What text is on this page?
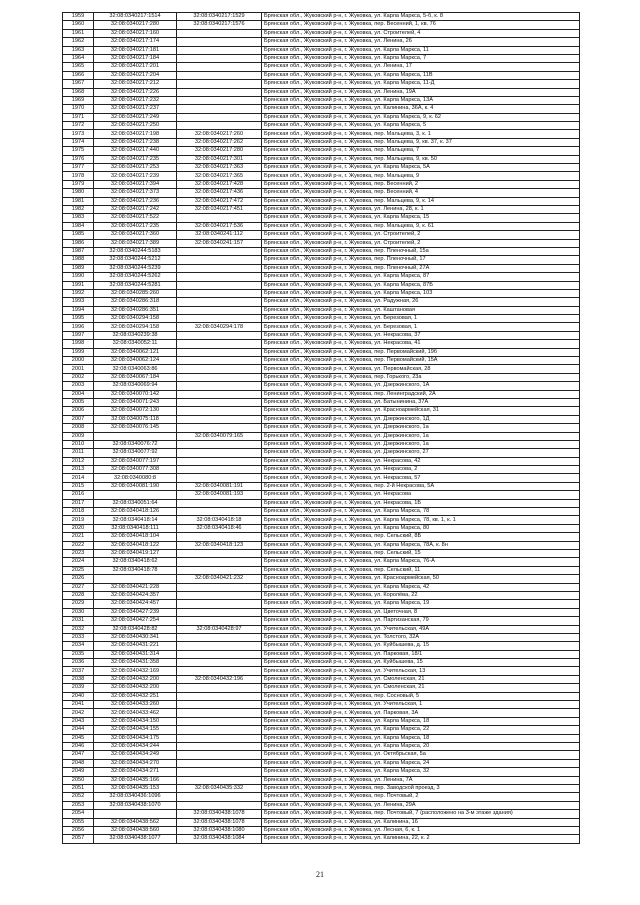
1959	32:08:0340217:1514	32:08:0340217:1529	Брянская обл., Жуковский р-н, г. Жуковка, ул. Карла Маркса, 5-б, к. 8
1960	32:08:0340217:280	32:08:0340217:1576	Брянская обл., Жуковский р-н, г. Жуковка, пер. Весенний, 1, кв. 76
1961	32:08:0340217:160		Брянская обл., Жуковский р-н, г. Жуковка, ул. Строителей, 4
1962	32:08:0340217:174		Брянская обл., Жуковский р-н, г. Жуковка, ул. Ленина, 26
1963	32:08:0340217:181		Брянская обл., Жуковский р-н, г. Жуковка, ул. Карла Маркса, 11
1964	32:08:0340217:184		Брянская обл., Жуковский р-н, г. Жуковка, ул. Карла Маркса, 7
1965	32:08:0340217:201		Брянская обл., Жуковский р-н, г. Жуковка, ул. Ленина, 17
1966	32:08:0340217:204		Брянская обл., Жуковский р-н, г. Жуковка, ул. Карла Маркса, 11В
1967	32:08:0340217:212		Брянская обл., Жуковский р-н, г. Жуковка, ул. Карла Маркса, 11-Д
1968	32:08:0340217:226		Брянская обл., Жуковский р-н, г. Жуковка, ул. Ленина, 19А
1969	32:08:0340217:232		Брянская обл., Жуковский р-н, г. Жуковка, ул. Карла Маркса, 13А
1970	32:08:0340217:237		Брянская обл., Жуковский р-н, г. Жуковка, ул. Калинина, 36А, к. 4
1971	32:08:0340217:249		Брянская обл., Жуковский р-н, г. Жуковка, ул. Карла Маркса, 9, к. 62
1972	32:08:0340217:250		Брянская обл., Жуковский р-н, г. Жуковка, ул. Карла Маркса, 5
1973	32:08:0340217:198	32:08:0340217:260	Брянская обл., Жуковский р-н, г. Жуковка, пер. Мальцева, 3, к. 1
1974	32:08:0340217:238	32:08:0340217:262	Брянская обл., Жуковский р-н, г. Жуковка, пер. Мальцева, 9, кв. 37, к. 37
1975	32:08:0340217:440	32:08:0340217:280	Брянская обл., Жуковский р-н, г. Жуковка, пер. Мальцева, 7
1976	32:08:0340217:235	32:08:0340217:301	Брянская обл., Жуковский р-н, г. Жуковка, пер. Мальцева, 9, кв. 50
1977	32:08:0340217:253	32:08:0340217:363	Брянская обл., Жуковский р-н, г. Жуковка, ул. Карла Маркса, 5А
1978	32:08:0340217:239	32:08:0340217:365	Брянская обл., Жуковский р-н, г. Жуковка, пер. Мальцева, 9
1979	32:08:0340217:394	32:08:0340217:428	Брянская обл., Жуковский р-н, г. Жуковка, пер. Весенний, 2
1980	32:08:0340217:373	32:08:0340217:436	Брянская обл., Жуковский р-н, г. Жуковка, пер. Весенний, 4
1981	32:08:0340217:236	32:08:0340217:472	Брянская обл., Жуковский р-н, г. Жуковка, пер. Мальцева, 9, к. 14
1982	32:08:0340217:242	32:08:0340217:451	Брянская обл., Жуковский р-н, г. Жуковка, ул. Ленина, 28, к. 1
1983	32:08:0340217:522		Брянская обл., Жуковский р-н, г. Жуковка, ул. Карла Маркса, 15
1984	32:08:0340217:235	32:08:0340217:536	Брянская обл., Жуковский р-н, г. Жуковка, пер. Мальцева, 9, к. 61
1985	32:08:0340217:360	32:08:0340241:112	Брянская обл., Жуковский р-н, г. Жуковка, ул. Строителей, 2
1986	32:08:0340217:389	32:08:0340241:157	Брянская обл., Жуковский р-н, г. Жуковка, ул. Строителей, 2
1987	32:08:0340244:5183		Брянская обл., Жуковский р-н, г. Жуковка, пер. Пленочный, 15а
1988	32:08:0340244:5212		Брянская обл., Жуковский р-н, г. Жуковка, пер. Пленочный, 17
1989	32:08:0340244:5239		Брянская обл., Жуковский р-н, г. Жуковка, пер. Пленочный, 27А
1990	32:08:0340244:5262		Брянская обл., Жуковский р-н, г. Жуковка, ул. Карла Маркса, 87
1991	32:08:0340244:5281		Брянская обл., Жуковский р-н, г. Жуковка, ул. Карла Маркса, 87Б
1992	32:08:0340285:260		Брянская обл., Жуковский р-н, г. Жуковка, ул. Карла Маркса, 103
1993	32:08:0340286:318		Брянская обл., Жуковский р-н, г. Жуковка, ул. Радужная, 26
1994	32:08:0340286:351		Брянская обл., Жуковский р-н, г. Жуковка, ул. Каштановая
1995	32:08:0340294:158		Брянская обл., Жуковский р-н, г. Жуковка, ул. Березовая, 1
1996	32:08:0340294:158	32:08:0340294:178	Брянская обл., Жуковский р-н, г. Жуковка, ул. Березовая, 1
1997	32:08:0340239:38		Брянская обл., Жуковский р-н, г. Жуковка, ул. Некрасова, 37
1998	32:08:0340052:11		Брянская обл., Жуковский р-н, г. Жуковка, ул. Некрасова, 41
1999	32:08:0340062:121		Брянская обл., Жуковский р-н, г. Жуковка, пер. Первомайский, 19б
2000	32:08:0340062:124		Брянская обл., Жуковский р-н, г. Жуковка, пер. Первомайский, 15А
2001	32:08:0340063:86		Брянская обл., Жуковский р-н, г. Жуковка, ул. Первомайская, 28
2002	32:08:0340067:184		Брянская обл., Жуковский р-н, г. Жуковка, пер. Горького, 23а
2003	32:08:0340069:94		Брянская обл., Жуковский р-н, г. Жуковка, ул. Дзержинского, 1А
2004	32:08:0340070:142		Брянская обл., Жуковский р-н, г. Жуковка, пер. Ленинградский, 2А
2005	32:08:0340071:243		Брянская обл., Жуковский р-н, г. Жуковка, ул. Батынинина, 37А
2006	32:08:0340072:130		Брянская обл., Жуковский р-н, г. Жуковка, ул. Красноармейская, 31
2007	32:08:0340075:118		Брянская обл., Жуковский р-н, г. Жуковка, ул. Дзержинского, 1Д
2008	32:08:0340076:145		Брянская обл., Жуковский р-н, г. Жуковка, ул. Дзержинского, 1а
2009		32:08:0340079:165	Брянская обл., Жуковский р-н, г. Жуковка, ул. Дзержинского, 1а
2010	32:08:0340076:72		Брянская обл., Жуковский р-н, г. Жуковка, ул. Дзержинского, 1а
2011	32:08:0340077:92		Брянская обл., Жуковский р-н, г. Жуковка, ул. Дзержинского, 27
2012	32:08:0340077:197		Брянская обл., Жуковский р-н, г. Жуковка, ул. Некрасова, 42
2013	32:08:0340077:308		Брянская обл., Жуковский р-н, г. Жуковка, ул. Некрасова, 2
2014	32:08:0340080:8		Брянская обл., Жуковский р-н, г. Жуковка, ул. Некрасова, 57
2015	32:08:0340081:190	32:08:0340081:191	Брянская обл., Жуковский р-н, г. Жуковка, пер. 2-й Некрасова, 5А
2016		32:08:0340081:193	Брянская обл., Жуковский р-н, г. Жуковка, ул. Некрасова
2017	32:08:0340051:64		Брянская обл., Жуковский р-н, г. Жуковка, ул. Некрасова, 1Б
2018	32:08:0340418:126		Брянская обл., Жуковский р-н, г. Жуковка, ул. Карла Маркса, 78
2019	32:08:0340418:14	32:08:0340418:18	Брянская обл., Жуковский р-н, г. Жуковка, ул. Карла Маркса, 78, кв. 1, к. 1
2020	32:08:0340418:111	32:08:0340418:46	Брянская обл., Жуковский р-н, г. Жуковка, ул. Карла Маркса, 80
2021	32:08:0340418:104		Брянская обл., Жуковский р-н, г. Жуковка, пер. Сельский, 8Б
2022	32:08:0340418:122	32:08:0340418:123	Брянская обл., Жуковский р-н, г. Жуковка, ул. Карла Маркса, 78А, к. 8н
2023	32:08:0340419:127		Брянская обл., Жуковский р-н, г. Жуковка, пер. Сельский, 15
2024	32:08:0340418:62		Брянская обл., Жуковский р-н, г. Жуковка, ул. Карла Маркса, 76-А
2025	32:08:0340418:78		Брянская обл., Жуковский р-н, г. Жуковка, пер. Сельский, 11
2026		32:08:0340421:232	Брянская обл., Жуковский р-н, г. Жуковка, ул. Красноармейская, 50
2027	32:08:0340421:228		Брянская обл., Жуковский р-н, г. Жуковка, ул. Карла Маркса, 42
2028	32:08:0340424:357		Брянская обл., Жуковский р-н, г. Жуковка, ул. Королёва, 22
2029	32:08:0340424:457		Брянская обл., Жуковский р-н, г. Жуковка, ул. Карла Маркса, 19
2030	32:08:0340427:239		Брянская обл., Жуковский р-н, г. Жуковка, ул. Цветочная, 8
2031	32:08:0340427:254		Брянская обл., Жуковский р-н, г. Жуковка, ул. Партизанская, 79
2032	32:08:0340428:82	32:08:0340428:97	Брянская обл., Жуковский р-н, г. Жуковка, ул. Учительская, 49А
2033	32:08:0340430:341		Брянская обл., Жуковский р-н, г. Жуковка, ул. Толстого, 32А
2034	32:08:0340431:221		Брянская обл., Жуковский р-н, г. Жуковка, ул. Куйбышева, д. 15
2035	32:08:0340431:314		Брянская обл., Жуковский р-н, г. Жуковка, ул. Парковая, 18/1
2036	32:08:0340431:358		Брянская обл., Жуковский р-н, г. Жуковка, ул. Куйбышева, 15
2037	32:08:0340432:169		Брянская обл., Жуковский р-н, г. Жуковка, ул. Учительская, 13
2038	32:08:0340432:200	32:08:0340432:196	Брянская обл., Жуковский р-н, г. Жуковка, ул. Смоленская, 21
2039	32:08:0340432:200		Брянская обл., Жуковский р-н, г. Жуковка, ул. Смоленская, 21
2040	32:08:0340432:251		Брянская обл., Жуковский р-н, г. Жуковка, пер. Сосновый, 5
2041	32:08:0340433:260		Брянская обл., Жуковский р-н, г. Жуковка, ул. Учительская, 1
2042	32:08:0340433:462		Брянская обл., Жуковский р-н, г. Жуковка, ул. Парковая, 3А
2043	32:08:0340434:150		Брянская обл., Жуковский р-н, г. Жуковка, ул. Карла Маркса, 18
2044	32:08:0340434:155		Брянская обл., Жуковский р-н, г. Жуковка, ул. Карла Маркса, 22
2045	32:08:0340434:175		Брянская обл., Жуковский р-н, г. Жуковка, ул. Карла Маркса, 18
2046	32:08:0340434:244		Брянская обл., Жуковский р-н, г. Жуковка, ул. Карла Маркса, 20
2047	32:08:0340434:249		Брянская обл., Жуковский р-н, г. Жуковка, ул. Октябрьская, 5а
2048	32:08:0340434:270		Брянская обл., Жуковский р-н, г. Жуковка, ул. Карла Маркса, 24
2049	32:08:0340434:271		Брянская обл., Жуковский р-н, г. Жуковка, ул. Карла Маркса, 32
2050	32:08:0340435:166		Брянская обл., Жуковский р-н, г. Жуковка, ул. Ленина, 7А
2051	32:08:0340435:153	32:08:0340435:332	Брянская обл., Жуковский р-н, г. Жуковка, пер. Заводской проезд, 3
2052	32:08:0340436:1096		Брянская обл., Жуковский р-н, г. Жуковка, пер. Почтовый, 2
2053	32:08:0340438:1070		Брянская обл., Жуковский р-н, г. Жуковка, ул. Ленина, 29А
2054		32:08:0340438:1078	Брянская обл., Жуковский р-н, г. Жуковка, пер. Почтовый, 7 (расположено на 3-м этаже здания)
2055	32:08:0340438:562	32:08:0340438:1078	Брянская обл., Жуковский р-н, г. Жуковка, ул. Калинина, 16
2056	32:08:0340438:560	32:08:0340438:1080	Брянская обл., Жуковский р-н, г. Жуковка, ул. Лесная, 6, к. 1
2057	32:08:0340438:1077	32:08:0340438:1084	Брянская обл., Жуковский р-н, г. Жуковка, ул. Калинина, 22, к. 2
21
